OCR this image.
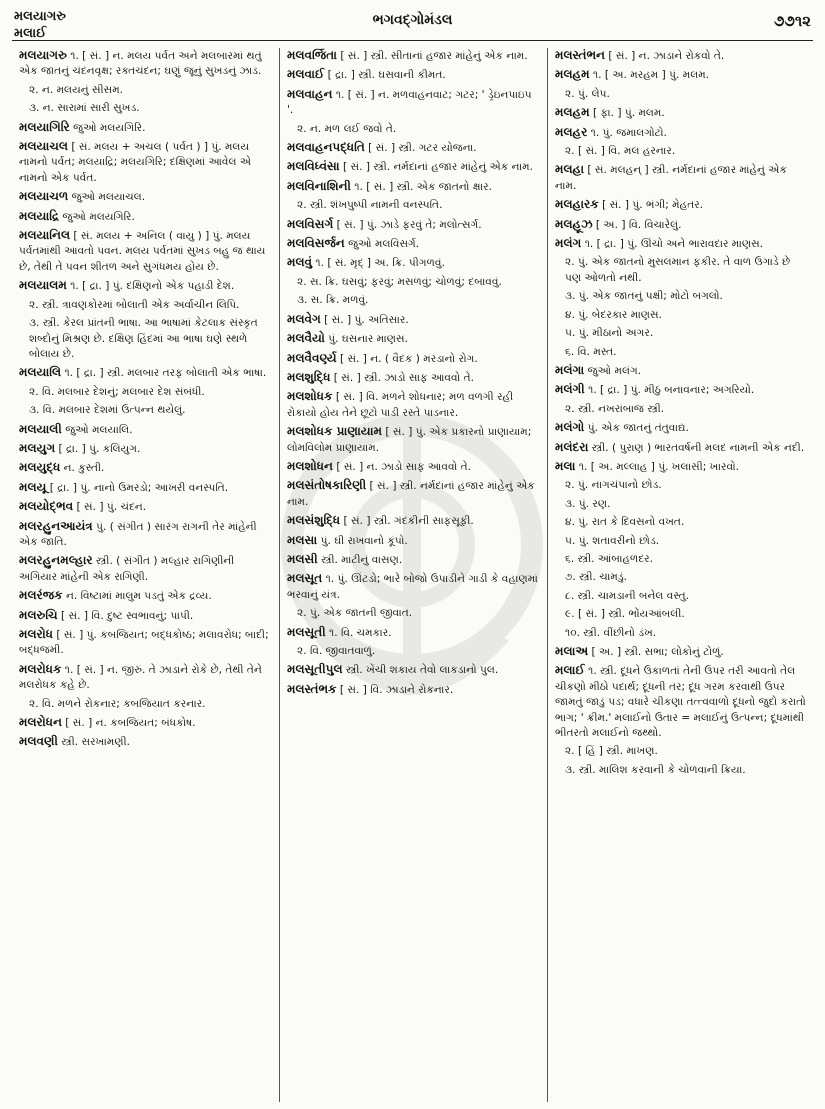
મલયાગરુ
મલાઈ
ભગવદ્ગોમંડલ	૭૭૧૨
મલયાગરુ ૧. [ સં. ] ન. મલય પર્વત અને મલબારમાં થતું એક જાતનું ચંદનવૃક્ષ; રક્તચંદન; ઘણું જૂનું સુખડનું ઝાડ.
૨. ન. મલયનું સીસમ.
૩. ન. સારામાં સારી સુખડ.
મલયાગિરિ જુઓ મલયગિરિ.
મલયાચલ [ સં. મલય + અચલ ( પર્વત ) ] પું. મલય નામનો પર્વત; મલયાદ્રિ; મલયગિરિ; દક્ષિણમાં આવેલ એ નામનો એક પર્વત.
મલયાચળ જુઓ મલયાચલ.
મલયાદ્રિ જુઓ મલયગિરિ.
મલયાનિલ [ સં. મલય + અનિલ ( વાયુ ) ] પું. મલય પર્વતમાંથી આવતો પવન. મલય પર્વતમાં સુખડ બહુ જ થાય છે, તેથી તે પવન શીતળ અને સુગંધમય હોય છે.
મલયાલમ ૧. [ દ્રા. ] પું. દક્ષિણનો એક પહાડી દેશ.
૨. સ્ત્રી. ત્રાવણકોરમાં બોલાતી એક અર્વાચીન લિપિ.
૩. સ્ત્રી. કેરલ પ્રાંતની ભાષા. આ ભાષામાં કેટલાક સંસ્કૃત શબ્દોનું મિશ્રણ છે. દક્ષિણ હિંદમાં આ ભાષા ઘણે સ્થળે બોલાય છે.
મલયાલિ ૧. [ દ્રા. ] સ્ત્રી. મલબાર તરફ બોલાતી એક ભાષા.
૨. વિ. મલબાર દેશનું; મલબાર દેશ સંબંધી.
૩. વિ. મલબાર દેશમાં ઉત્પન્ન થયેલું.
મલયાલી જુઓ મલયાલિ.
મલયુગ [ દ્રા. ] પું. કલિયુગ.
મલયુદ્ધ ન. કુસ્તી.
મલયૂ [ દ્રા. ] પું. નાનો ઉમરડો; આખરી વનસ્પતિ.
મલયોદ્ભવ [ સં. ] પું. ચંદન.
મલરહુનઆયંત્ર પું. ( સંગીત ) સારંગ રાગની તેર માંહેની એક જાતિ.
મલરહુનમલ્હાર સ્ત્રી. ( સંગીત ) મલ્હાર રાગિણીની અગિયાર માંહેની એક રાગિણી.
મલરંજક ન. વિષ્ટામાં માલુમ પડતું એક દ્રવ્ય.
મલરુચિ [ સં. ] વિ. દુષ્ટ સ્વભાવનું; પાપી.
મલરોધ [ સં. ] પું. કબજિયત; બદ્ધકોષ્ઠ; મલાવરોધ; બાદી; બદ્ધજમી.
મલરોધક ૧. [ સં. ] ન. જીરું. તે ઝાડાને રોકે છે, તેથી તેને મલરોધક કહે છે.
૨. વિ. મળને રોકનાર; કબજિયાત કરનાર.
મલરોધન [ સં. ] ન. કબજિયત; બંધકોષ.
મલવણી સ્ત્રી. સરખામણી.
મલવર્જિતા [ સં. ] સ્ત્રી. સીતાનાં હજાર માંહેનું એક નામ.
મલવાઈ [ દ્રા. ] સ્ત્રી. ઘસવાની કીમત.
મલવાહન ૧. [ સં. ] ન. મળવાહનવાટ; ગટર; ' ડ્રેઇનપાઇપ '.
૨. ન. મળ લઈ જવો તે.
મલવાહનપદ્ધતિ [ સં. ] સ્ત્રી. ગટર યોજના.
મલવિધ્વંસા [ સં. ] સ્ત્રી. નર્મદાનાં હજાર માંહેનું એક નામ.
મલવિનાશિની ૧. [ સં. ] સ્ત્રી. એક જાતનો ક્ષાર.
૨. સ્ત્રી. શંખપુષ્પી નામની વનસ્પતિ.
મલવિસર્ગ [ સં. ] પું. ઝાડે ફરવું તે; મલોત્સર્ગ.
મલવિસર્જન જુઓ મલવિસર્ગ.
મલવું ૧. [ સં. મૃદ્ ] અ. ક્રિ. પીગળવું.
૨. સ. ક્રિ. ઘસવું; ફરવું; મસળવું; ચોળવું; દબાવવું.
૩. સ. ક્રિ. મળવું.
મલવેગ [ સં. ] પું. અતિસાર.
મલવૈયો પું. ઘસનાર માણસ.
મલવૈવર્ણ્ય [ સં. ] ન. ( વૈદક ) મરડાનો રોગ.
મલશુદ્ધિ [ સં. ] સ્ત્રી. ઝાડો સાફ આવવો તે.
મલશોધક [ સં. ] વિ. મળને શોધનાર; મળ વળગી રહી રોકાયો હોય તેને છૂટો પાડી રસ્તે પાડનાર.
મલશોધક પ્રાણાયામ [ સં. ] પું. એક પ્રકારનો પ્રાણાયામ; લોમવિલોમ પ્રાણાયામ.
મલશોધન [ સં. ] ન. ઝાડો સાફ આવવો તે.
મલસંતોષકારિણી [ સં. ] સ્ત્રી. નર્મદાનાં હજાર માંહેનું એક નામ.
મલસંશુદ્ધિ [ સં. ] સ્ત્રી. ગંદકીની સાફસૂફી.
મલસા પું. ઘી રાખવાનો કૂંપો.
મલસી સ્ત્રી. માટીનું વાસણ.
મલસૂત ૧. પું. ઊંટડો; ભારે બોજો ઉપાડીને ગાડી કે વહાણમાં ભરવાનું યંત્ર.
૨. પું. એક જાતની જીવાત.
મલસૂતી ૧. વિ. ચમકાર.
૨. વિ. જીવાતવાળું.
મલસૂતીપુલ સ્ત્રી. ખેંચી શકાય તેવો લાકડાનો પુલ.
મલસ્તંભક [ સં. ] વિ. ઝાડાને રોકનાર.
મલસ્તંભન [ સં. ] ન. ઝાડાને રોકવો તે.
મલહમ ૧. [ અ. મરહમ ] પું. મલમ.
૨. પું. લેપ.
મલહમ [ ફા. ] પું. મલમ.
મલહર ૧. પું. જમાલગોટો.
૨. [ સં. ] વિ. મલ હરનાર.
મલહા [ સં. મલહન્ ] સ્ત્રી. નર્મદાનાં હજાર માંહેનું એક નામ.
મલહારક [ સં. ] પું. ભંગી; મેહતર.
મલહૂઝ [ અ. ] વિ. વિચારેલું.
મલંગ ૧. [ દ્રા. ] પું. ઊંચો અને ભારાવદાર માણસ.
૨. પું. એક જાતનો મુસલમાન ફકીર. તે વાળ ઉગાડે છે પણ ઓળતો નથી.
૩. પું. એક જાતનું પક્ષી; મોટો બગલો.
૪. પું. બેદરકાર માણસ.
૫. પું. મીઠાનો અગર.
૬. વિ. મસ્ત.
મલંગા જુઓ મલંગ.
મલંગી ૧. [ દ્રા. ] પું. મીઠું બનાવનાર; અગરિયો.
૨. સ્ત્રી. નખરાંબાજ સ્ત્રી.
મલંગો પું. એક જાતનું તંતુવાદ્ય.
મલંદરા સ્ત્રી. ( પુરાણ ) ભારતવર્ષની મલદ નામની એક નદી.
મલા ૧. [ અ. મલ્લાહ ] પું. ખલાસી; ખારવો.
૨. પું. નાગચંપાનો છોડ.
૩. પું. રણ.
૪. પું. રાત કે દિવસનો વખત.
૫. પું. શતાવરીનો છોડ.
૬. સ્ત્રી. આંબાહળદર.
૭. સ્ત્રી. ચામડું.
૮. સ્ત્રી. ચામડાની બનેલ વસ્તુ.
૯. [ સં. ] સ્ત્રી. ભોંયઆંબલી.
૧૦. સ્ત્રી. વીંછીનો ડંખ.
મલાઅ [ અ. ] સ્ત્રી. સભા; લોકોનું ટોળું.
મલાઈ ૧. સ્ત્રી. દૂધને ઉકાળતાં તેની ઉપર તરી આવતો તેલ ચીકણો મીઠો પદાર્થ; દૂધની તર; દૂધ ગરમ કરવાથી ઉપર જામતું જાડું પડ; વધારે ચીકણા તત્ત્વવાળો દૂધનો જુદો કરાતો ભાગ; ' ક્રીમ.' મલાઈનો ઉતાર = મલાઈનું ઉત્પન્ન; દૂધમાંથી ભીતરતો મલાઈનો જથ્થો.
૨. [ હિં ] સ્ત્રી. માખણ.
૩. સ્ત્રી. માલિશ કરવાની કે ચોળવાની ક્રિયા.
